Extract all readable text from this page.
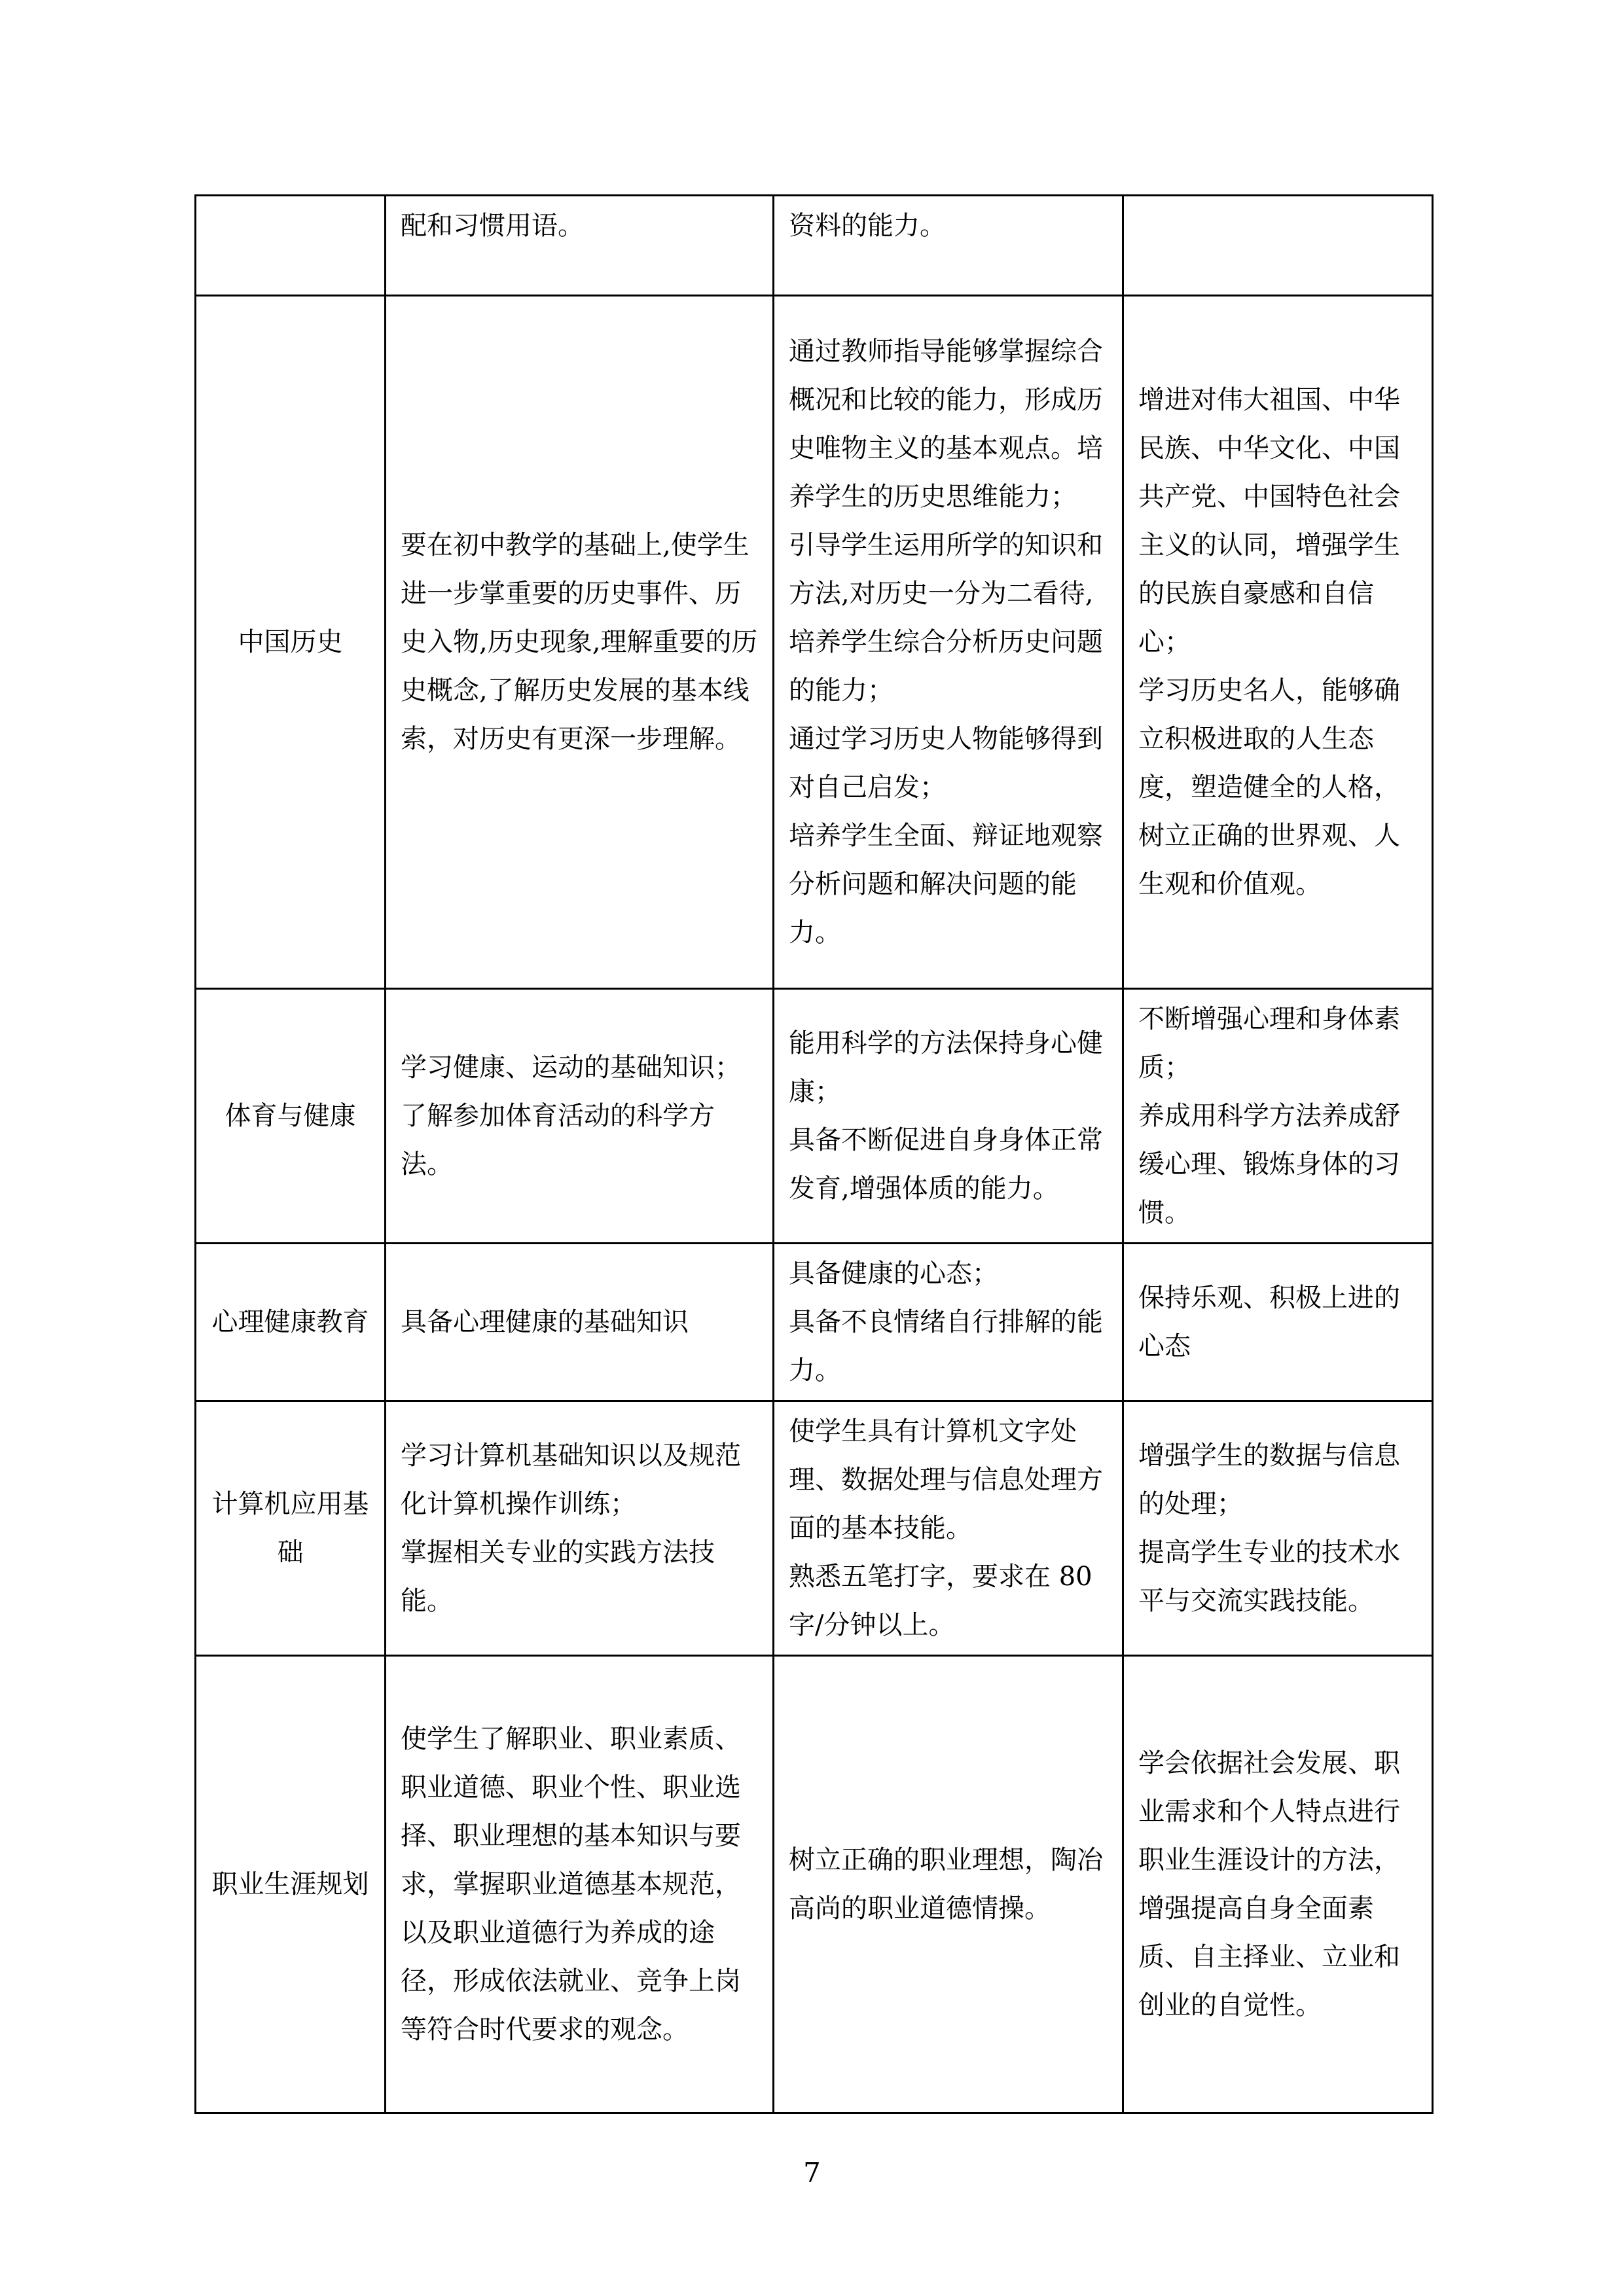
	配和习惯用语。	资料的能力。	

中国历史	要在初中教学的基础上,使学生进一步掌重要的历史事件、历史入物,历史现象,理解重要的历史概念,了解历史发展的基本线索，对历史有更深一步理解。	通过教师指导能够掌握综合概况和比较的能力，形成历史唯物主义的基本观点。培养学生的历史思维能力；
引导学生运用所学的知识和方法,对历史一分为二看待,培养学生综合分析历史问题的能力；
通过学习历史人物能够得到对自己启发；
培养学生全面、辩证地观察分析问题和解决问题的能力。	增进对伟大祖国、中华民族、中华文化、中国共产党、中国特色社会主义的认同，增强学生的民族自豪感和自信心；
学习历史名人，能够确立积极进取的人生态度，塑造健全的人格，树立正确的世界观、人生观和价值观。

体育与健康	学习健康、运动的基础知识；了解参加体育活动的科学方法。	能用科学的方法保持身心健康；
具备不断促进自身身体正常发育,增强体质的能力。	不断增强心理和身体素质；
养成用科学方法养成舒缓心理、锻炼身体的习惯。

心理健康教育	具备心理健康的基础知识	具备健康的心态；
具备不良情绪自行排解的能力。	保持乐观、积极上进的心态

计算机应用基础	学习计算机基础知识以及规范化计算机操作训练；
掌握相关专业的实践方法技能。	使学生具有计算机文字处理、数据处理与信息处理方面的基本技能。
熟悉五笔打字，要求在 80 字/分钟以上。	增强学生的数据与信息的处理；
提高学生专业的技术水平与交流实践技能。

职业生涯规划	使学生了解职业、职业素质、职业道德、职业个性、职业选择、职业理想的基本知识与要求，掌握职业道德基本规范，以及职业道德行为养成的途径，形成依法就业、竞争上岗等符合时代要求的观念。	树立正确的职业理想，陶冶高尚的职业道德情操。	学会依据社会发展、职业需求和个人特点进行职业生涯设计的方法，增强提高自身全面素质、自主择业、立业和创业的自觉性。
7
